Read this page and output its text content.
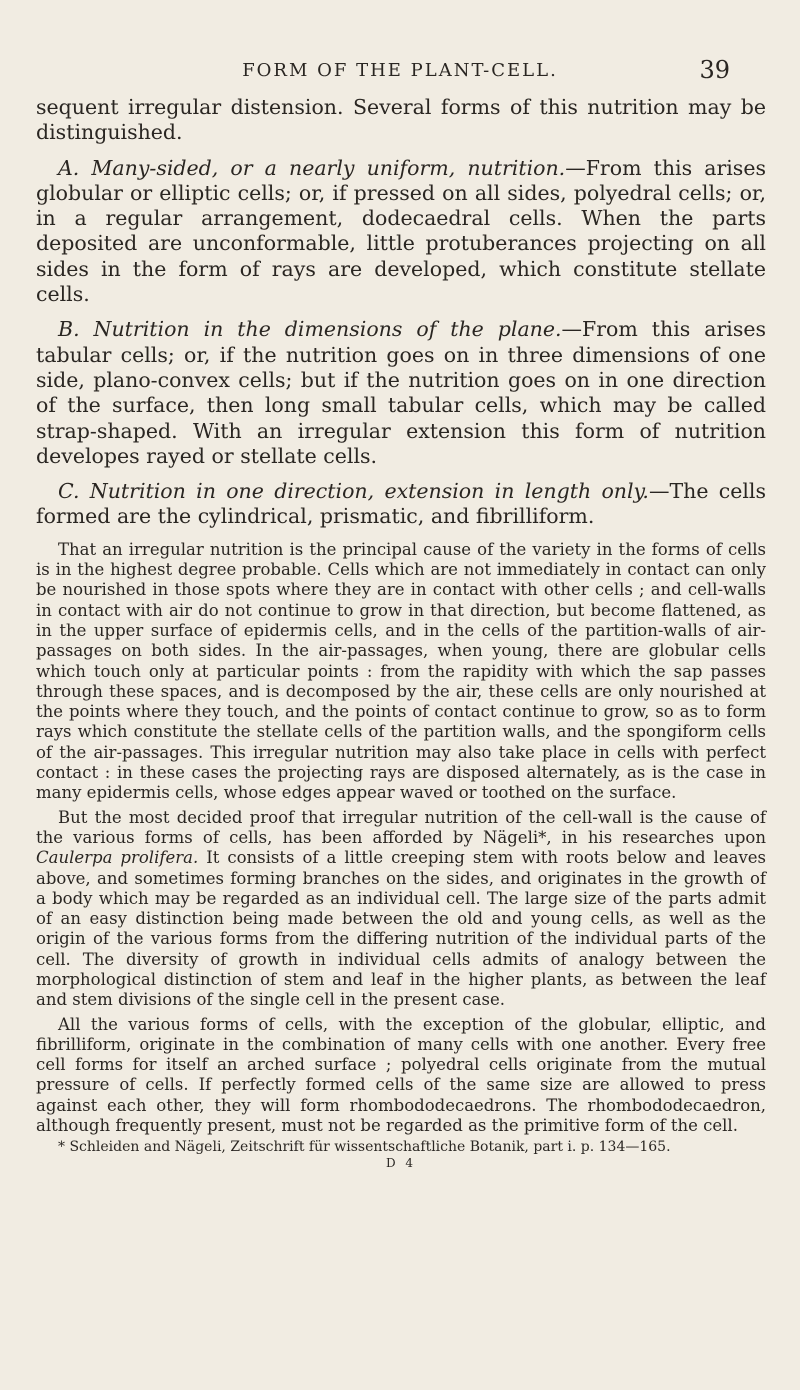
FORM OF THE PLANT-CELL.	39

sequent irregular distension. Several forms of this nutrition may be distinguished.

A. Many-sided, or a nearly uniform, nutrition.—From this arises globular or elliptic cells; or, if pressed on all sides, polyedral cells; or, in a regular arrangement, dodecaedral cells. When the parts deposited are unconformable, little protuberances projecting on all sides in the form of rays are developed, which constitute stellate cells.

B. Nutrition in the dimensions of the plane.—From this arises tabular cells; or, if the nutrition goes on in three dimensions of one side, plano-convex cells; but if the nutrition goes on in one direction of the surface, then long small tabular cells, which may be called strap-shaped. With an irregular extension this form of nutrition developes rayed or stellate cells.

C. Nutrition in one direction, extension in length only.—The cells formed are the cylindrical, prismatic, and fibrilliform.

That an irregular nutrition is the principal cause of the variety in the forms of cells is in the highest degree probable. Cells which are not immediately in contact can only be nourished in those spots where they are in contact with other cells ; and cell-walls in contact with air do not continue to grow in that direction, but become flattened, as in the upper surface of epidermis cells, and in the cells of the partition-walls of air-passages on both sides. In the air-passages, when young, there are globular cells which touch only at particular points : from the rapidity with which the sap passes through these spaces, and is decomposed by the air, these cells are only nourished at the points where they touch, and the points of contact continue to grow, so as to form rays which constitute the stellate cells of the partition walls, and the spongiform cells of the air-passages. This irregular nutrition may also take place in cells with perfect contact : in these cases the projecting rays are disposed alternately, as is the case in many epidermis cells, whose edges appear waved or toothed on the surface.

But the most decided proof that irregular nutrition of the cell-wall is the cause of the various forms of cells, has been afforded by Nägeli*, in his researches upon Caulerpa prolifera. It consists of a little creeping stem with roots below and leaves above, and sometimes forming branches on the sides, and originates in the growth of a body which may be regarded as an individual cell. The large size of the parts admit of an easy distinction being made between the old and young cells, as well as the origin of the various forms from the differing nutrition of the individual parts of the cell. The diversity of growth in individual cells admits of analogy between the morphological distinction of stem and leaf in the higher plants, as between the leaf and stem divisions of the single cell in the present case.

All the various forms of cells, with the exception of the globular, elliptic, and fibrilliform, originate in the combination of many cells with one another. Every free cell forms for itself an arched surface ; polyedral cells originate from the mutual pressure of cells. If perfectly formed cells of the same size are allowed to press against each other, they will form rhombododecaedrons. The rhombododecaedron, although frequently present, must not be regarded as the primitive form of the cell.

* Schleiden and Nägeli, Zeitschrift für wissentschaftliche Botanik, part i. p. 134—165.

D 4
